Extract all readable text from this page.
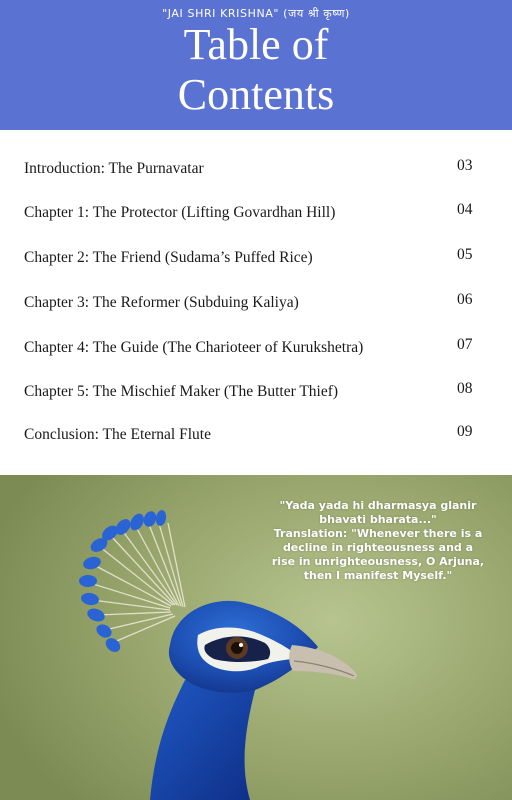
"JAI SHRI KRISHNA" (जय श्री कृष्ण)
Table of
Contents
Introduction: The Purnavatar	03
Chapter 1: The Protector (Lifting Govardhan Hill)	04
Chapter 2: The Friend (Sudama’s Puffed Rice)	05
Chapter 3: The Reformer (Subduing Kaliya)	06
Chapter 4: The Guide (The Charioteer of Kurukshetra)	07
Chapter 5: The Mischief Maker (The Butter Thief)	08
Conclusion: The Eternal Flute	09
"Yada yada hi dharmasya glanir
bhavati bharata..."
Translation: "Whenever there is a
decline in righteousness and a
rise in unrighteousness, O Arjuna,
then I manifest Myself."
